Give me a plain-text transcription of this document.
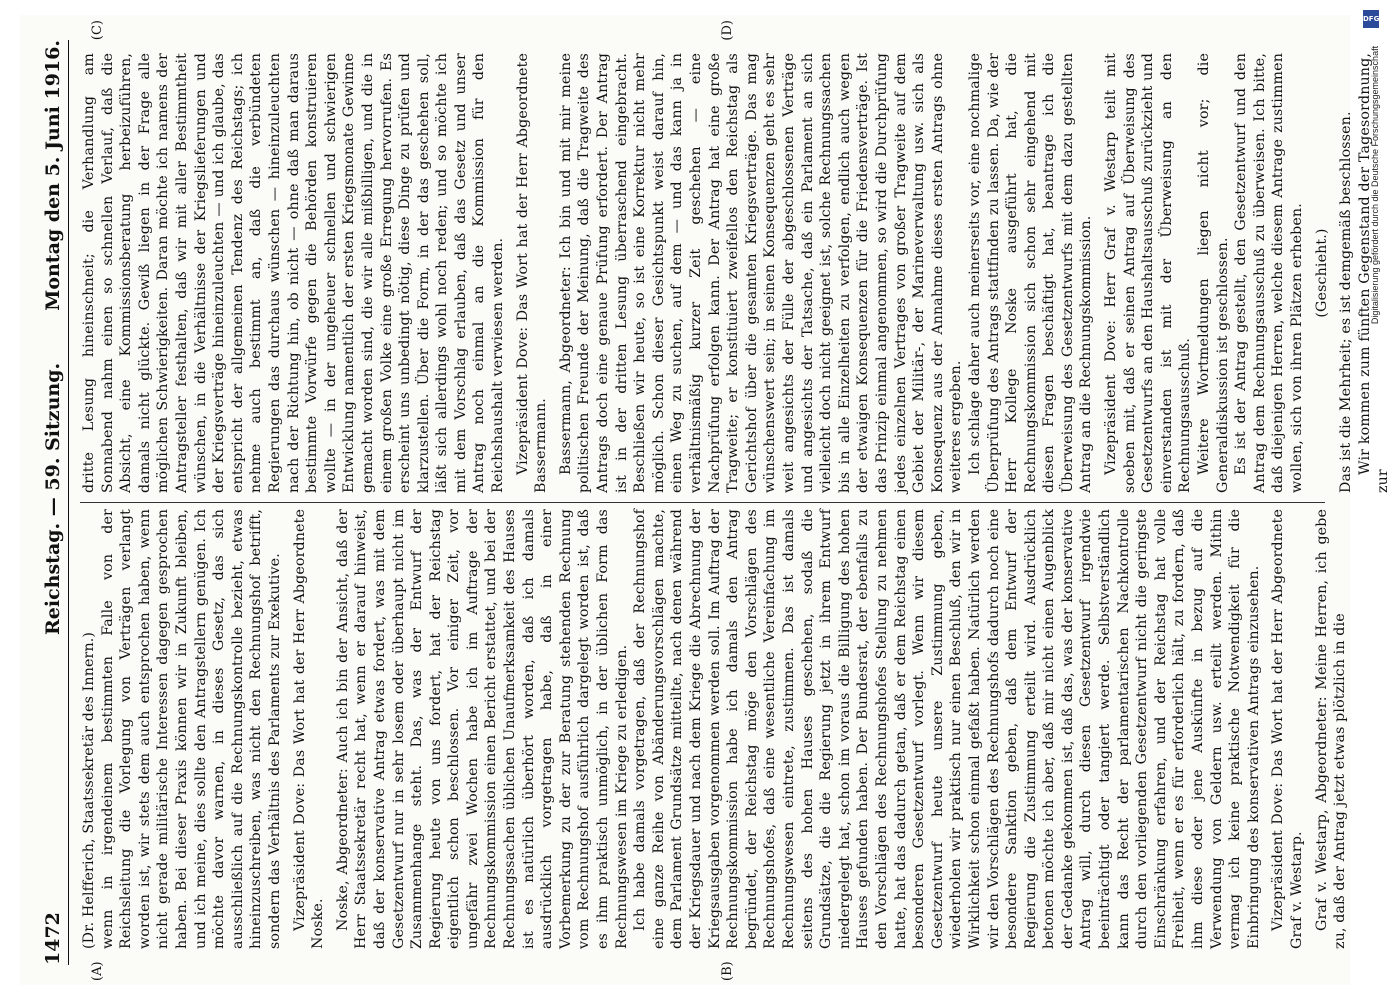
1472
Reichstag. — 59. Sitzung.
Montag den 5. Juni 1916.
(A)	(B)
(C)	(D)

(Dr. Helfferich, Staatssekretär des Innern.) wenn in irgendeinem bestimmten Falle von der Reichsleitung die Vorlegung von Verträgen verlangt worden ist, wir stets dem auch entsprochen haben, wenn nicht gerade militärische Interessen dagegen gesprochen haben. Bei dieser Praxis können wir in Zukunft bleiben, und ich meine, dies sollte den Antragstellern genügen. Ich möchte davor warnen, in dieses Gesetz, das sich ausschließlich auf die Rechnungskontrolle bezieht, etwas hineinzuschreiben, was nicht den Rechnungshof betrifft, sondern das Verhältnis des Parlaments zur Exekutive. Vizepräsident Dove: Das Wort hat der Herr Abgeordnete Noske. Noske, Abgeordneter: Auch ich bin der Ansicht, daß der Herr Staatssekretär recht hat, wenn er darauf hinweist, daß der konservative Antrag etwas fordert, was mit dem Gesetzentwurf nur in sehr losem oder überhaupt nicht im Zusammenhange steht. Das, was der Entwurf der Regierung heute von uns fordert, hat der Reichstag eigentlich schon beschlossen. Vor einiger Zeit, vor ungefähr zwei Wochen habe ich im Auftrage der Rechnungskommission einen Bericht erstattet, und bei der Rechnungssachen üblichen Unaufmerksamkeit des Hauses ist es natürlich überhört worden, daß ich damals ausdrücklich vorgetragen habe, daß in einer Vorbemerkung zu der zur Beratung stehenden Rechnung vom Rechnungshof ausführlich dargelegt worden ist, daß es ihm praktisch unmöglich, in der üblichen Form das Rechnungswesen im Kriege zu erledigen. Ich habe damals vorgetragen, daß der Rechnungshof eine ganze Reihe von Abänderungsvorschlägen machte, dem Parlament Grundsätze mitteilte, nach denen während der Kriegsdauer und nach dem Kriege die Abrechnung der Kriegsausgaben vorgenommen werden soll. Im Auftrag der Rechnungskommission habe ich damals den Antrag begründet, der Reichstag möge den Vorschlägen des Rechnungshofes, daß eine wesentliche Vereinfachung im Rechnungswesen eintrete, zustimmen. Das ist damals seitens des hohen Hauses geschehen, sodaß die Grundsätze, die die Regierung jetzt in ihrem Entwurf niedergelegt hat, schon im voraus die Billigung des hohen Hauses gefunden haben. Der Bundesrat, der ebenfalls zu den Vorschlägen des Rechnungshofes Stellung zu nehmen hatte, hat das dadurch getan, daß er dem Reichstag einen besonderen Gesetzentwurf vorlegt. Wenn wir diesem Gesetzentwurf heute unsere Zustimmung geben, wiederholen wir praktisch nur einen Beschluß, den wir in Wirklichkeit schon einmal gefaßt haben. Natürlich werden wir den Vorschlägen des Rechnungshofs dadurch noch eine besondere Sanktion geben, daß dem Entwurf der Regierung die Zustimmung erteilt wird. Ausdrücklich betonen möchte ich aber, daß mir nicht einen Augenblick der Gedanke gekommen ist, daß das, was der konservative Antrag will, durch diesen Gesetzentwurf irgendwie beeinträchtigt oder tangiert werde. Selbstverständlich kann das Recht der parlamentarischen Nachkontrolle durch den vorliegenden Gesetzentwurf nicht die geringste Einschränkung erfahren, und der Reichstag hat volle Freiheit, wenn er es für erforderlich hält, zu fordern, daß ihm diese oder jene Auskünfte in bezug auf die Verwendung von Geldern usw. erteilt werden. Mithin vermag ich keine praktische Notwendigkeit für die Einbringung des konservativen Antrags einzusehen. Vizepräsident Dove: Das Wort hat der Herr Abgeordnete Graf v. Westarp. Graf v. Westarp, Abgeordneter: Meine Herren, ich gebe zu, daß der Antrag jetzt etwas plötzlich in die

dritte Lesung hineinschneit; die Verhandlung am Sonnabend nahm einen so schnellen Verlauf, daß die Absicht, eine Kommissionsberatung herbeizuführen, damals nicht glückte. Gewiß liegen in der Frage alle möglichen Schwierigkeiten. Daran möchte ich namens der Antragsteller festhalten, daß wir mit aller Bestimmtheit wünschen, in die Verhältnisse der Kriegslieferungen und der Kriegsverträge hineinzuleuchten — und ich glaube, das entspricht der allgemeinen Tendenz des Reichstags; ich nehme auch bestimmt an, daß die verbündeten Regierungen das durchaus wünschen — hineinzuleuchten nach der Richtung hin, ob nicht — ohne daß man daraus bestimmte Vorwürfe gegen die Behörden konstruieren wollte — in der ungeheuer schnellen und schwierigen Entwicklung namentlich der ersten Kriegsmonate Gewinne gemacht worden sind, die wir alle mißbilligen, und die in einem großen Volke eine große Erregung hervorrufen. Es erscheint uns unbedingt nötig, diese Dinge zu prüfen und klarzustellen. Über die Form, in der das geschehen soll, läßt sich allerdings wohl noch reden; und so möchte ich mit dem Vorschlag erlauben, daß das Gesetz und unser Antrag noch einmal an die Kommission für den Reichshaushalt verwiesen werden. Vizepräsident Dove: Das Wort hat der Herr Abgeordnete Bassermann. Bassermann, Abgeordneter: Ich bin und mit mir meine politischen Freunde der Meinung, daß die Tragweite des Antrags doch eine genaue Prüfung erfordert. Der Antrag ist in der dritten Lesung überraschend eingebracht. Beschließen wir heute, so ist eine Korrektur nicht mehr möglich. Schon dieser Gesichtspunkt weist darauf hin, einen Weg zu suchen, auf dem — und das kann ja in verhältnismäßig kurzer Zeit geschehen — eine Nachprüfung erfolgen kann. Der Antrag hat eine große Tragweite; er konstituiert zweifellos den Reichstag als Gerichtshof über die gesamten Kriegsverträge. Das mag wünschenswert sein; in seinen Konsequenzen geht es sehr weit angesichts der Fülle der abgeschlossenen Verträge und angesichts der Tatsache, daß ein Parlament an sich vielleicht doch nicht geeignet ist, solche Rechnungssachen bis in alle Einzelheiten zu verfolgen, endlich auch wegen der etwaigen Konsequenzen für die Friedensverträge. Ist das Prinzip einmal angenommen, so wird die Durchprüfung jedes einzelnen Vertrages von großer Tragweite auf dem Gebiet der Militär-, der Marineverwaltung usw. sich als Konsequenz aus der Annahme dieses ersten Antrags ohne weiteres ergeben. Ich schlage daher auch meinerseits vor, eine nochmalige Überprüfung des Antrags stattfinden zu lassen. Da, wie der Herr Kollege Noske ausgeführt hat, die Rechnungskommission sich schon sehr eingehend mit diesen Fragen beschäftigt hat, beantrage ich die Überweisung des Gesetzentwurfs mit dem dazu gestellten Antrag an die Rechnungskommission. Vizepräsident Dove: Herr Graf v. Westarp teilt mit soeben mit, daß er seinen Antrag auf Überweisung des Gesetzentwurfs an den Haushaltsausschuß zurückzieht und einverstanden ist mit der Überweisung an den Rechnungsausschuß. Weitere Wortmeldungen liegen nicht vor; die Generaldiskussion ist geschlossen. Es ist der Antrag gestellt, den Gesetzentwurf und den Antrag dem Rechnungsausschuß zu überweisen. Ich bitte, daß diejenigen Herren, welche diesem Antrage zustimmen wollen, sich von ihren Plätzen erheben. (Geschieht.) Das ist die Mehrheit; es ist demgemäß beschlossen. Wir kommen zum fünften Gegenstand der Tagesordnung, zur

DFG
Digitalisierung gefördert durch die Deutsche Forschungsgemeinschaft
